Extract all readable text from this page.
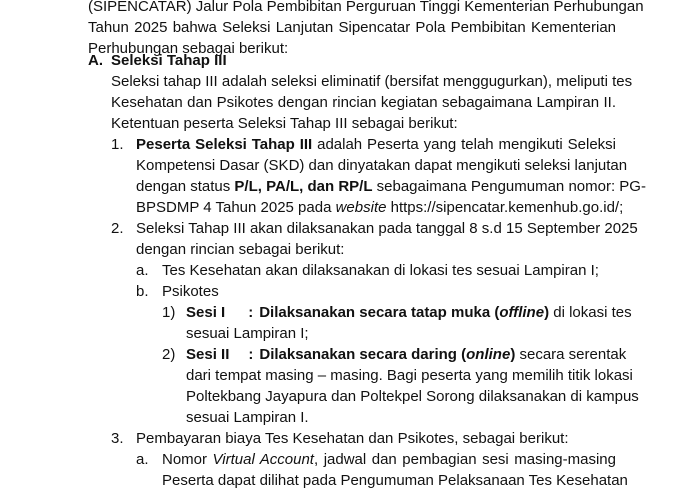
(SIPENCATAR) Jalur Pola Pembibitan Perguruan Tinggi Kementerian Perhubungan
Tahun 2025 bahwa Seleksi Lanjutan Sipencatar Pola Pembibitan Kementerian
Perhubungan sebagai berikut:
A. Seleksi Tahap III
Seleksi tahap III adalah seleksi eliminatif (bersifat menggugurkan), meliputi tes
Kesehatan dan Psikotes dengan rincian kegiatan sebagaimana Lampiran II.
Ketentuan peserta Seleksi Tahap III sebagai berikut:
1. Peserta Seleksi Tahap III adalah Peserta yang telah mengikuti Seleksi
Kompetensi Dasar (SKD) dan dinyatakan dapat mengikuti seleksi lanjutan
dengan status P/L, PA/L, dan RP/L sebagaimana Pengumuman nomor: PG-
BPSDMP 4 Tahun 2025 pada website https://sipencatar.kemenhub.go.id/;
2. Seleksi Tahap III akan dilaksanakan pada tanggal 8 s.d 15 September 2025
dengan rincian sebagai berikut:
a. Tes Kesehatan akan dilaksanakan di lokasi tes sesuai Lampiran I;
b. Psikotes
1) Sesi I : Dilaksanakan secara tatap muka (offline) di lokasi tes
sesuai Lampiran I;
2) Sesi II : Dilaksanakan secara daring (online) secara serentak
dari tempat masing – masing. Bagi peserta yang memilih titik lokasi
Poltekbang Jayapura dan Poltekpel Sorong dilaksanakan di kampus
sesuai Lampiran I.
3. Pembayaran biaya Tes Kesehatan dan Psikotes, sebagai berikut:
a. Nomor Virtual Account, jadwal dan pembagian sesi masing-masing
Peserta dapat dilihat pada Pengumuman Pelaksanaan Tes Kesehatan
